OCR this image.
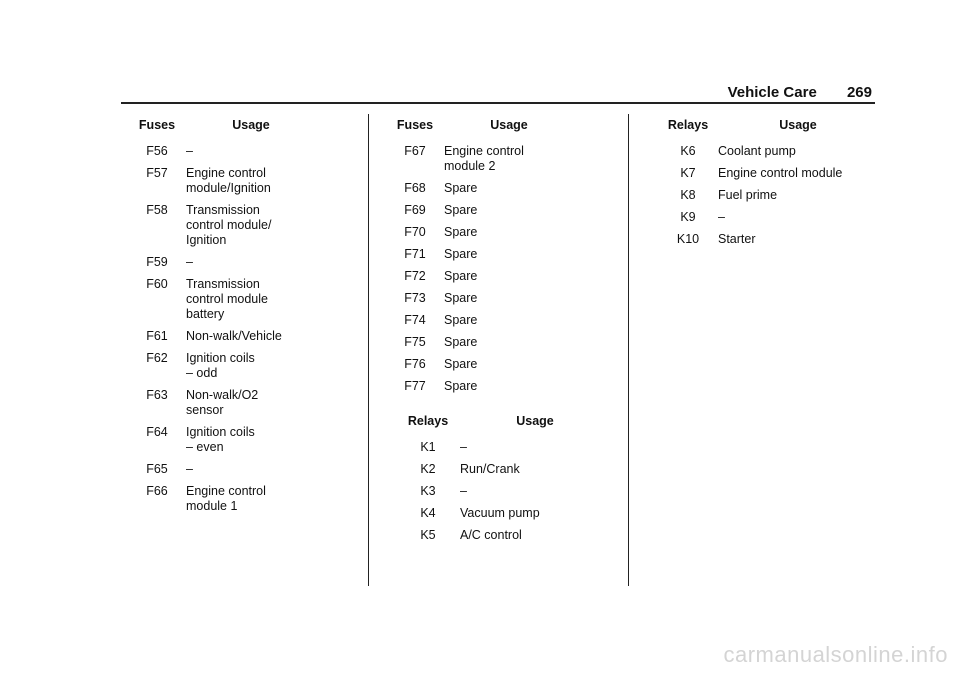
Vehicle Care 269
Fuses	Usage
F56	–
F57	Engine control
module/Ignition
F58	Transmission
control module/
Ignition
F59	–
F60	Transmission
control module
battery
F61	Non-walk/Vehicle
F62	Ignition coils
– odd
F63	Non-walk/O2
sensor
F64	Ignition coils
– even
F65	–
F66	Engine control
module 1
Fuses	Usage
F67	Engine control
module 2
F68	Spare
F69	Spare
F70	Spare
F71	Spare
F72	Spare
F73	Spare
F74	Spare
F75	Spare
F76	Spare
F77	Spare
Relays	Usage
K1	–
K2	Run/Crank
K3	–
K4	Vacuum pump
K5	A/C control
Relays	Usage
K6	Coolant pump
K7	Engine control module
K8	Fuel prime
K9	–
K10	Starter
carmanualsonline.info
